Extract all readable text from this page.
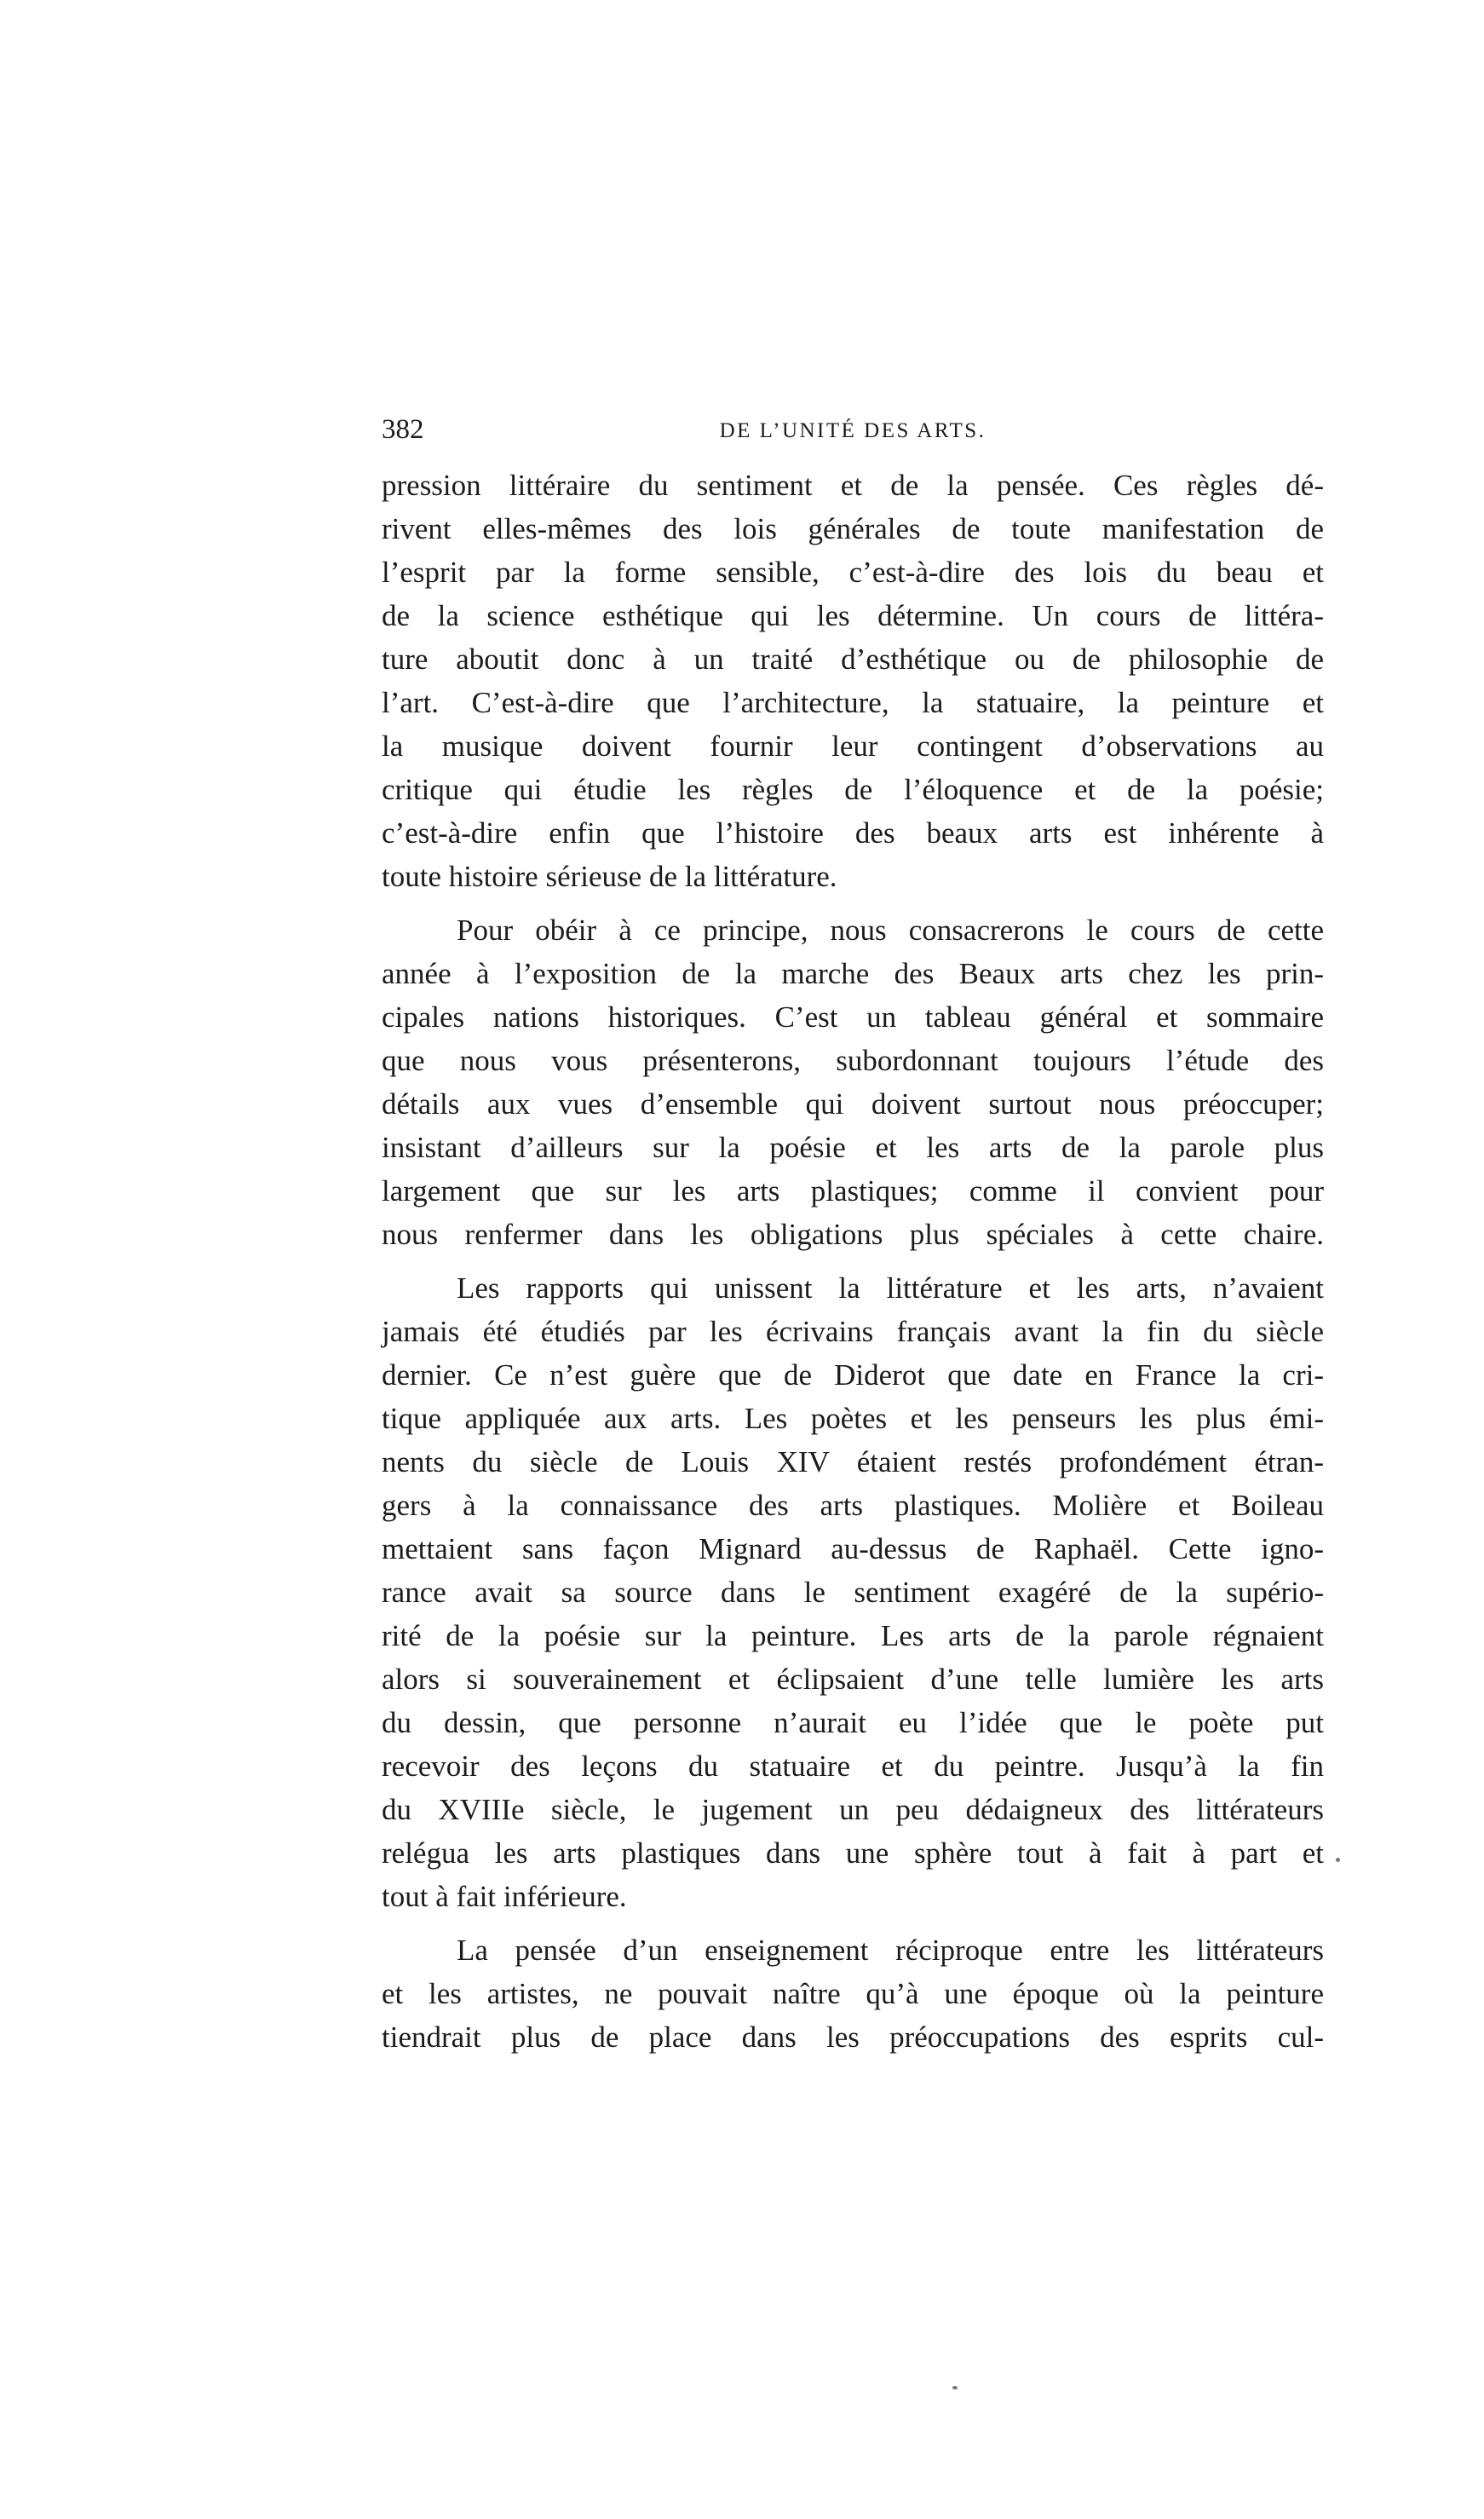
382	DE L’UNITÉ DES ARTS.

pression littéraire du sentiment et de la pensée. Ces règles dé-
rivent elles-mêmes des lois générales de toute manifestation de
l’esprit par la forme sensible, c’est-à-dire des lois du beau et
de la science esthétique qui les détermine. Un cours de littéra-
ture aboutit donc à un traité d’esthétique ou de philosophie de
l’art. C’est-à-dire que l’architecture, la statuaire, la peinture et
la musique doivent fournir leur contingent d’observations au
critique qui étudie les règles de l’éloquence et de la poésie;
c’est-à-dire enfin que l’histoire des beaux arts est inhérente à
toute histoire sérieuse de la littérature.

Pour obéir à ce principe, nous consacrerons le cours de cette
année à l’exposition de la marche des Beaux arts chez les prin-
cipales nations historiques. C’est un tableau général et sommaire
que nous vous présenterons, subordonnant toujours l’étude des
détails aux vues d’ensemble qui doivent surtout nous préoccuper;
insistant d’ailleurs sur la poésie et les arts de la parole plus
largement que sur les arts plastiques; comme il convient pour
nous renfermer dans les obligations plus spéciales à cette chaire.

Les rapports qui unissent la littérature et les arts, n’avaient
jamais été étudiés par les écrivains français avant la fin du siècle
dernier. Ce n’est guère que de Diderot que date en France la cri-
tique appliquée aux arts. Les poètes et les penseurs les plus émi-
nents du siècle de Louis XIV étaient restés profondément étran-
gers à la connaissance des arts plastiques. Molière et Boileau
mettaient sans façon Mignard au-dessus de Raphaël. Cette igno-
rance avait sa source dans le sentiment exagéré de la supério-
rité de la poésie sur la peinture. Les arts de la parole régnaient
alors si souverainement et éclipsaient d’une telle lumière les arts
du dessin, que personne n’aurait eu l’idée que le poète put
recevoir des leçons du statuaire et du peintre. Jusqu’à la fin
du XVIIIe siècle, le jugement un peu dédaigneux des littérateurs
relégua les arts plastiques dans une sphère tout à fait à part et
tout à fait inférieure.

La pensée d’un enseignement réciproque entre les littérateurs
et les artistes, ne pouvait naître qu’à une époque où la peinture
tiendrait plus de place dans les préoccupations des esprits cul-
